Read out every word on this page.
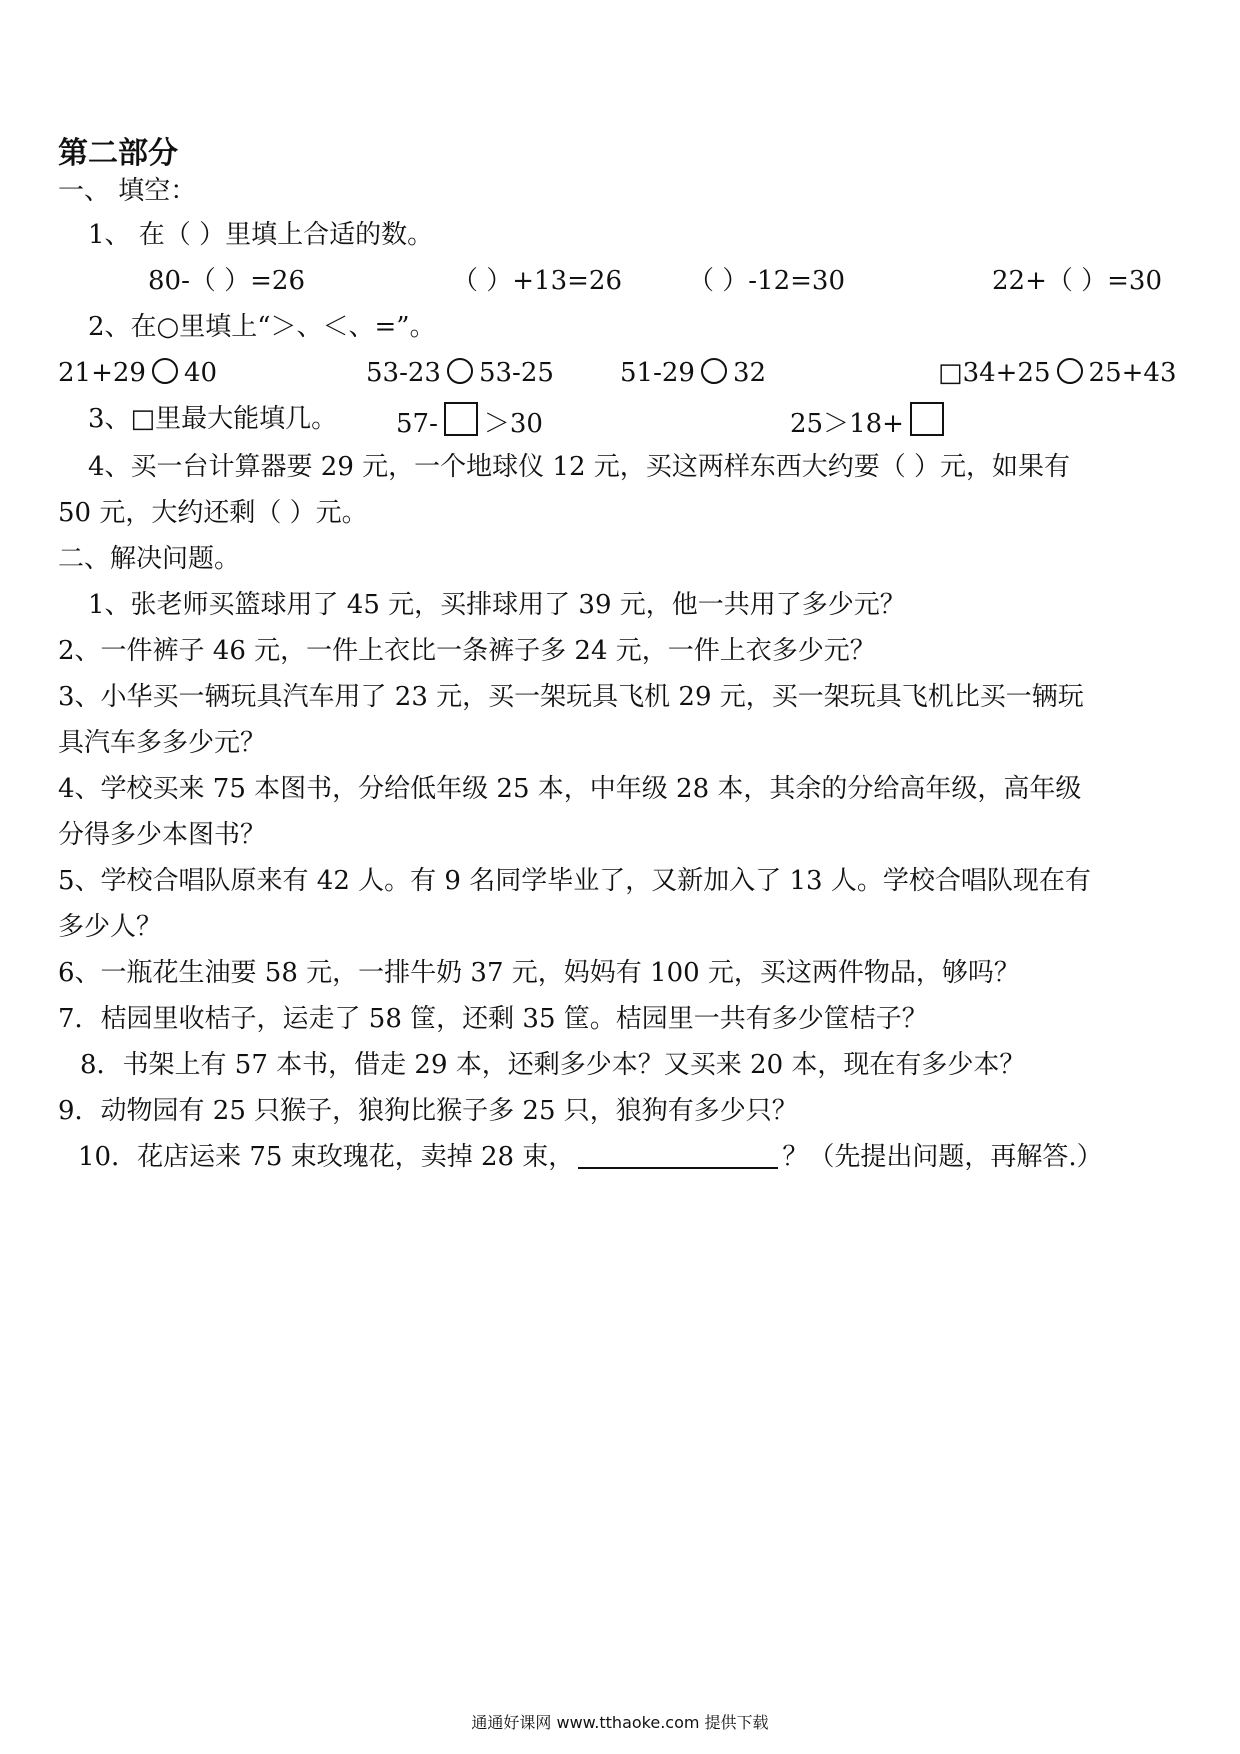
第二部分
一、 填空：
1、 在（ ）里填上合适的数。
80-（ ）=26	（ ）+13=26	（ ）-12=30	22+（ ）=30
2、在○里填上“＞、＜、=”。
21+29 40	53-23 53-25	51-29 32	□34+25 25+43
3、□里最大能填几。 57- ＞30	25＞18+
4、买一台计算器要 29 元，一个地球仪 12 元，买这两样东西大约要（ ）元，如果有
50 元，大约还剩（ ）元。
二、解决问题。
1、张老师买篮球用了 45 元，买排球用了 39 元，他一共用了多少元？
2、一件裤子 46 元，一件上衣比一条裤子多 24 元，一件上衣多少元？
3、小华买一辆玩具汽车用了 23 元，买一架玩具飞机 29 元，买一架玩具飞机比买一辆玩
具汽车多多少元？
4、学校买来 75 本图书，分给低年级 25 本，中年级 28 本，其余的分给高年级，高年级
分得多少本图书？
5、学校合唱队原来有 42 人。有 9 名同学毕业了，又新加入了 13 人。学校合唱队现在有
多少人？
6、一瓶花生油要 58 元，一排牛奶 37 元，妈妈有 100 元，买这两件物品，够吗？
7．桔园里收桔子，运走了 58 筐，还剩 35 筐。桔园里一共有多少筐桔子？
8．书架上有 57 本书，借走 29 本，还剩多少本？又买来 20 本，现在有多少本？
9．动物园有 25 只猴子，狼狗比猴子多 25 只，狼狗有多少只？
10．花店运来 75 束玫瑰花，卖掉 28 束，	？（先提出问题，再解答.）
通通好课网 www.tthaoke.com 提供下载
